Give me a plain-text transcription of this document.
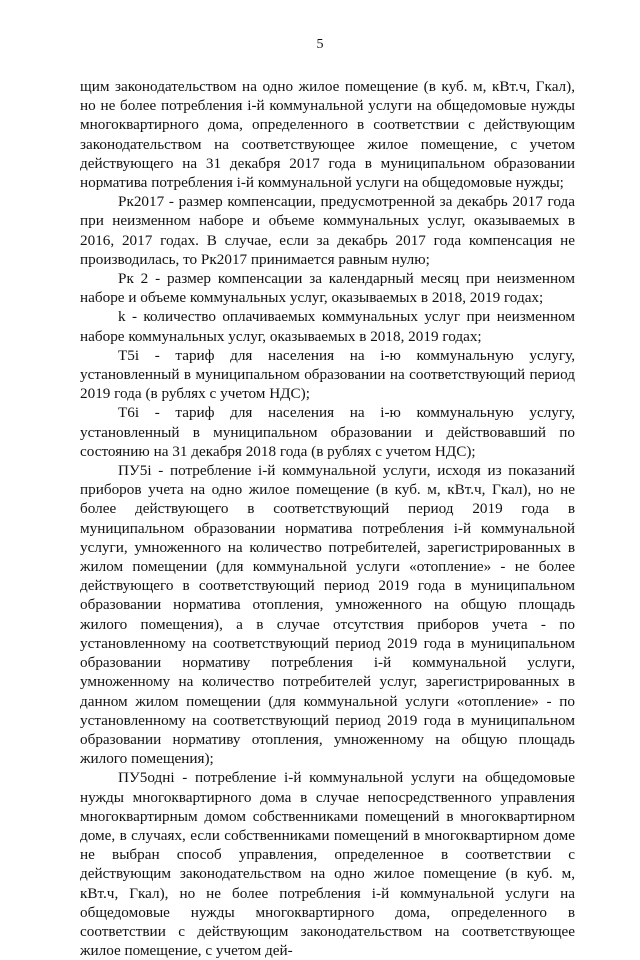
5

щим законодательством на одно жилое помещение (в куб. м, кВт.ч, Гкал), но не более потребления i-й коммунальной услуги на общедомовые нужды многоквартирного дома, определенного в соответствии с действующим законодательством на соответствующее жилое помещение, с учетом действующего на 31 декабря 2017 года в муниципальном образовании норматива потребления i-й коммунальной услуги на общедомовые нужды;

Рк2017 - размер компенсации, предусмотренной за декабрь 2017 года при неизменном наборе и объеме коммунальных услуг, оказываемых в 2016, 2017 годах. В случае, если за декабрь 2017 года компенсация не производилась, то Рк2017 принимается равным нулю;

Рк 2 - размер компенсации за календарный месяц при неизменном наборе и объеме коммунальных услуг, оказываемых в 2018, 2019 годах;

k - количество оплачиваемых коммунальных услуг при неизменном наборе коммунальных услуг, оказываемых в 2018, 2019 годах;

Т5i - тариф для населения на i-ю коммунальную услугу, установленный в муниципальном образовании на соответствующий период 2019 года (в рублях с учетом НДС);

Т6i - тариф для населения на i-ю коммунальную услугу, установленный в муниципальном образовании и действовавший по состоянию на 31 декабря 2018 года (в рублях с учетом НДС);

ПУ5i - потребление i-й коммунальной услуги, исходя из показаний приборов учета на одно жилое помещение (в куб. м, кВт.ч, Гкал), но не более действующего в соответствующий период 2019 года в муниципальном образовании норматива потребления i-й коммунальной услуги, умноженного на количество потребителей, зарегистрированных в жилом помещении (для коммунальной услуги «отопление» - не более действующего в соответствующий период 2019 года в муниципальном образовании норматива отопления, умноженного на общую площадь жилого помещения), а в случае отсутствия приборов учета - по установленному на соответствующий период 2019 года в муниципальном образовании нормативу потребления i-й коммунальной услуги, умноженному на количество потребителей услуг, зарегистрированных в данном жилом помещении (для коммунальной услуги «отопление» - по установленному на соответствующий период 2019 года в муниципальном образовании нормативу отопления, умноженному на общую площадь жилого помещения);

ПУ5одні - потребление i-й коммунальной услуги на общедомовые нужды многоквартирного дома в случае непосредственного управления многоквартирным домом собственниками помещений в многоквартирном доме, в случаях, если собственниками помещений в многоквартирном доме не выбран способ управления, определенное в соответствии с действующим законодательством на одно жилое помещение (в куб. м, кВт.ч, Гкал), но не более потребления i-й коммунальной услуги на общедомовые нужды многоквартирного дома, определенного в соответствии с действующим законодательством на соответствующее жилое помещение, с учетом дей-
